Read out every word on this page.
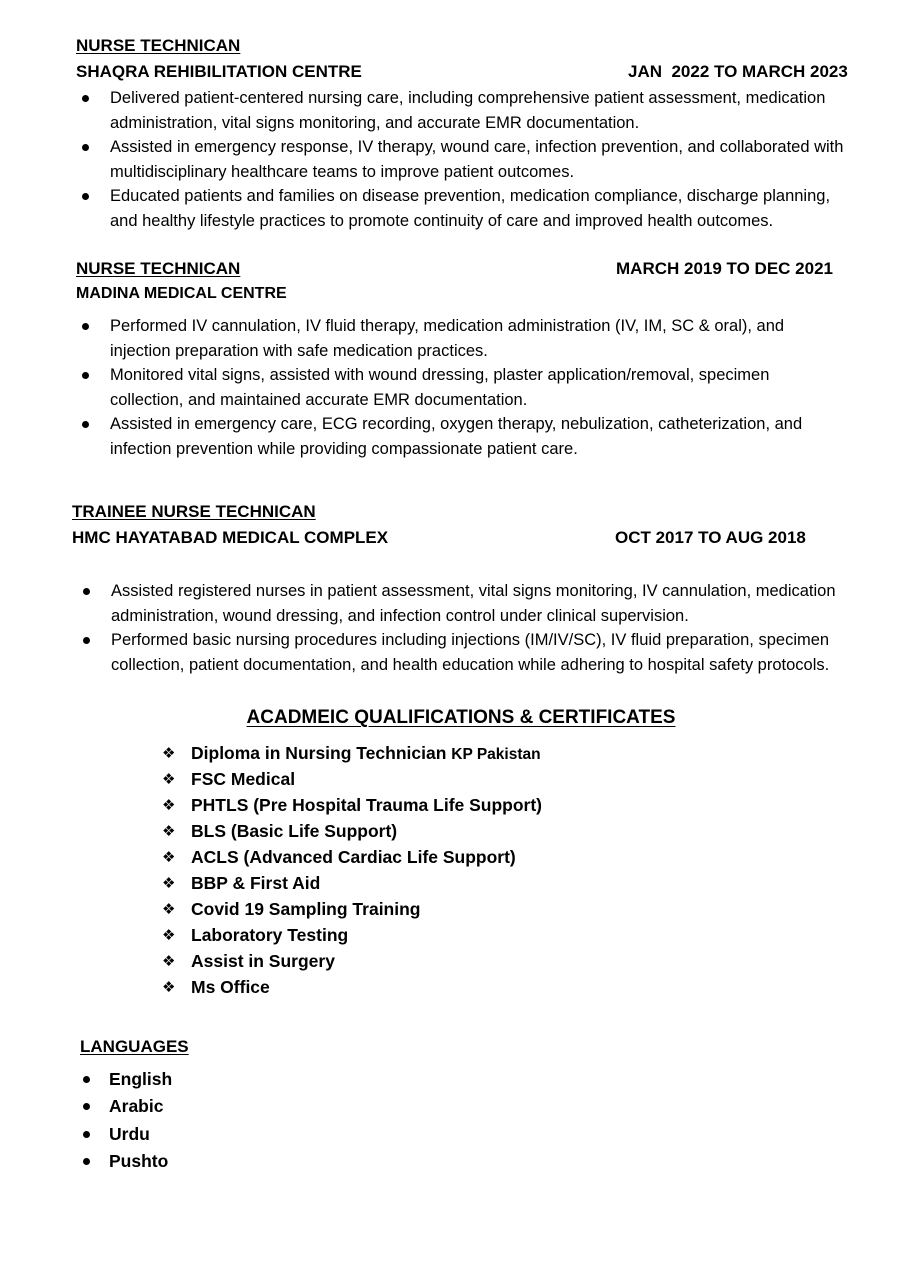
NURSE TECHNICAN
SHAQRA REHIBILITATION CENTRE	JAN  2022 TO MARCH 2023
Delivered patient-centered nursing care, including comprehensive patient assessment, medication
administration, vital signs monitoring, and accurate EMR documentation.
Assisted in emergency response, IV therapy, wound care, infection prevention, and collaborated with
multidisciplinary healthcare teams to improve patient outcomes.
Educated patients and families on disease prevention, medication compliance, discharge planning,
and healthy lifestyle practices to promote continuity of care and improved health outcomes.
NURSE TECHNICAN	MARCH 2019 TO DEC 2021
MADINA MEDICAL CENTRE
Performed IV cannulation, IV fluid therapy, medication administration (IV, IM, SC & oral), and
injection preparation with safe medication practices.
Monitored vital signs, assisted with wound dressing, plaster application/removal, specimen
collection, and maintained accurate EMR documentation.
Assisted in emergency care, ECG recording, oxygen therapy, nebulization, catheterization, and
infection prevention while providing compassionate patient care.
TRAINEE NURSE TECHNICAN
HMC HAYATABAD MEDICAL COMPLEX	OCT 2017 TO AUG 2018
Assisted registered nurses in patient assessment, vital signs monitoring, IV cannulation, medication
administration, wound dressing, and infection control under clinical supervision.
Performed basic nursing procedures including injections (IM/IV/SC), IV fluid preparation, specimen
collection, patient documentation, and health education while adhering to hospital safety protocols.
ACADMEIC QUALIFICATIONS & CERTIFICATES
❖ Diploma in Nursing Technician KP Pakistan
❖ FSC Medical
❖ PHTLS (Pre Hospital Trauma Life Support)
❖ BLS (Basic Life Support)
❖ ACLS (Advanced Cardiac Life Support)
❖ BBP & First Aid
❖ Covid 19 Sampling Training
❖ Laboratory Testing
❖ Assist in Surgery
❖ Ms Office
LANGUAGES
English
Arabic
Urdu
Pushto
